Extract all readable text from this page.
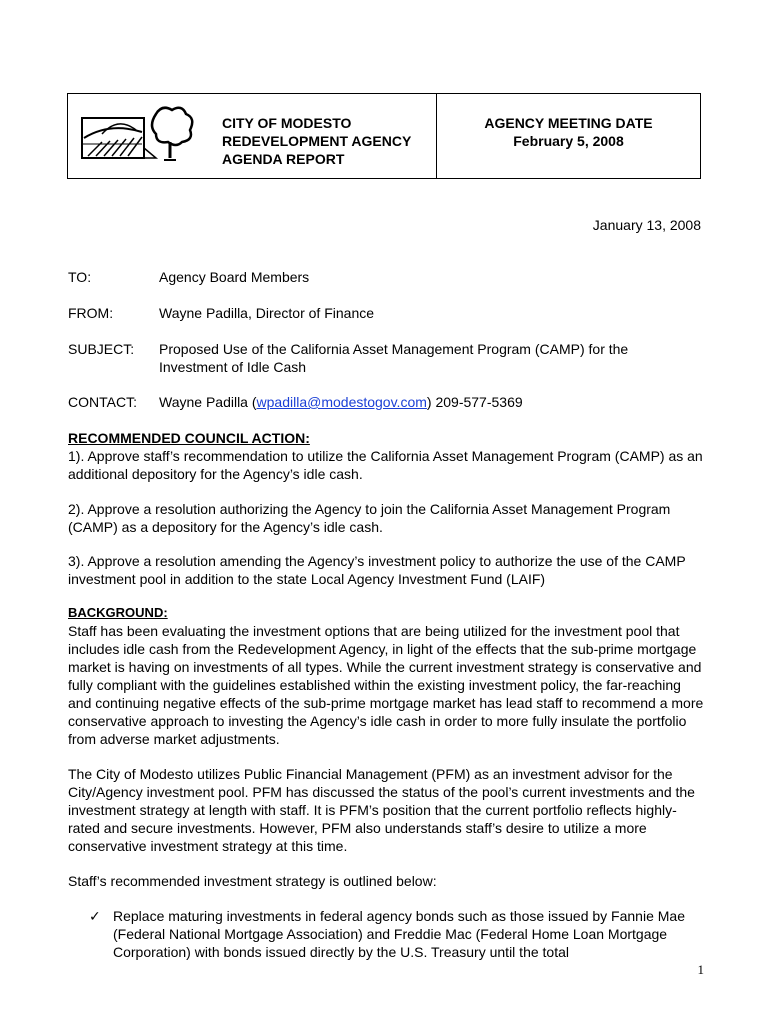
CITY OF MODESTO
REDEVELOPMENT AGENCY
AGENDA REPORT
AGENCY MEETING DATE
February 5, 2008
January 13, 2008
TO:	Agency Board Members
FROM:	Wayne Padilla, Director of Finance
SUBJECT: Proposed Use of the California Asset Management Program (CAMP) for the
Investment of Idle Cash
CONTACT: Wayne Padilla (wpadilla@modestogov.com) 209-577-5369
RECOMMENDED COUNCIL ACTION:
1). Approve staff’s recommendation to utilize the California Asset Management Program (CAMP) as an additional depository for the Agency’s idle cash.
2). Approve a resolution authorizing the Agency to join the California Asset Management Program (CAMP) as a depository for the Agency’s idle cash.
3). Approve a resolution amending the Agency’s investment policy to authorize the use of the CAMP investment pool in addition to the state Local Agency Investment Fund (LAIF)
BACKGROUND:
Staff has been evaluating the investment options that are being utilized for the investment pool that includes idle cash from the Redevelopment Agency, in light of the effects that the sub-prime mortgage market is having on investments of all types. While the current investment strategy is conservative and fully compliant with the guidelines established within the existing investment policy, the far-reaching and continuing negative effects of the sub-prime mortgage market has lead staff to recommend a more conservative approach to investing the Agency’s idle cash in order to more fully insulate the portfolio from adverse market adjustments.
The City of Modesto utilizes Public Financial Management (PFM) as an investment advisor for the City/Agency investment pool. PFM has discussed the status of the pool’s current investments and the investment strategy at length with staff. It is PFM’s position that the current portfolio reflects highly-rated and secure investments. However, PFM also understands staff’s desire to utilize a more conservative investment strategy at this time.
Staff’s recommended investment strategy is outlined below:
✓ Replace maturing investments in federal agency bonds such as those issued by Fannie Mae (Federal National Mortgage Association) and Freddie Mac (Federal Home Loan Mortgage Corporation) with bonds issued directly by the U.S. Treasury until the total
1
